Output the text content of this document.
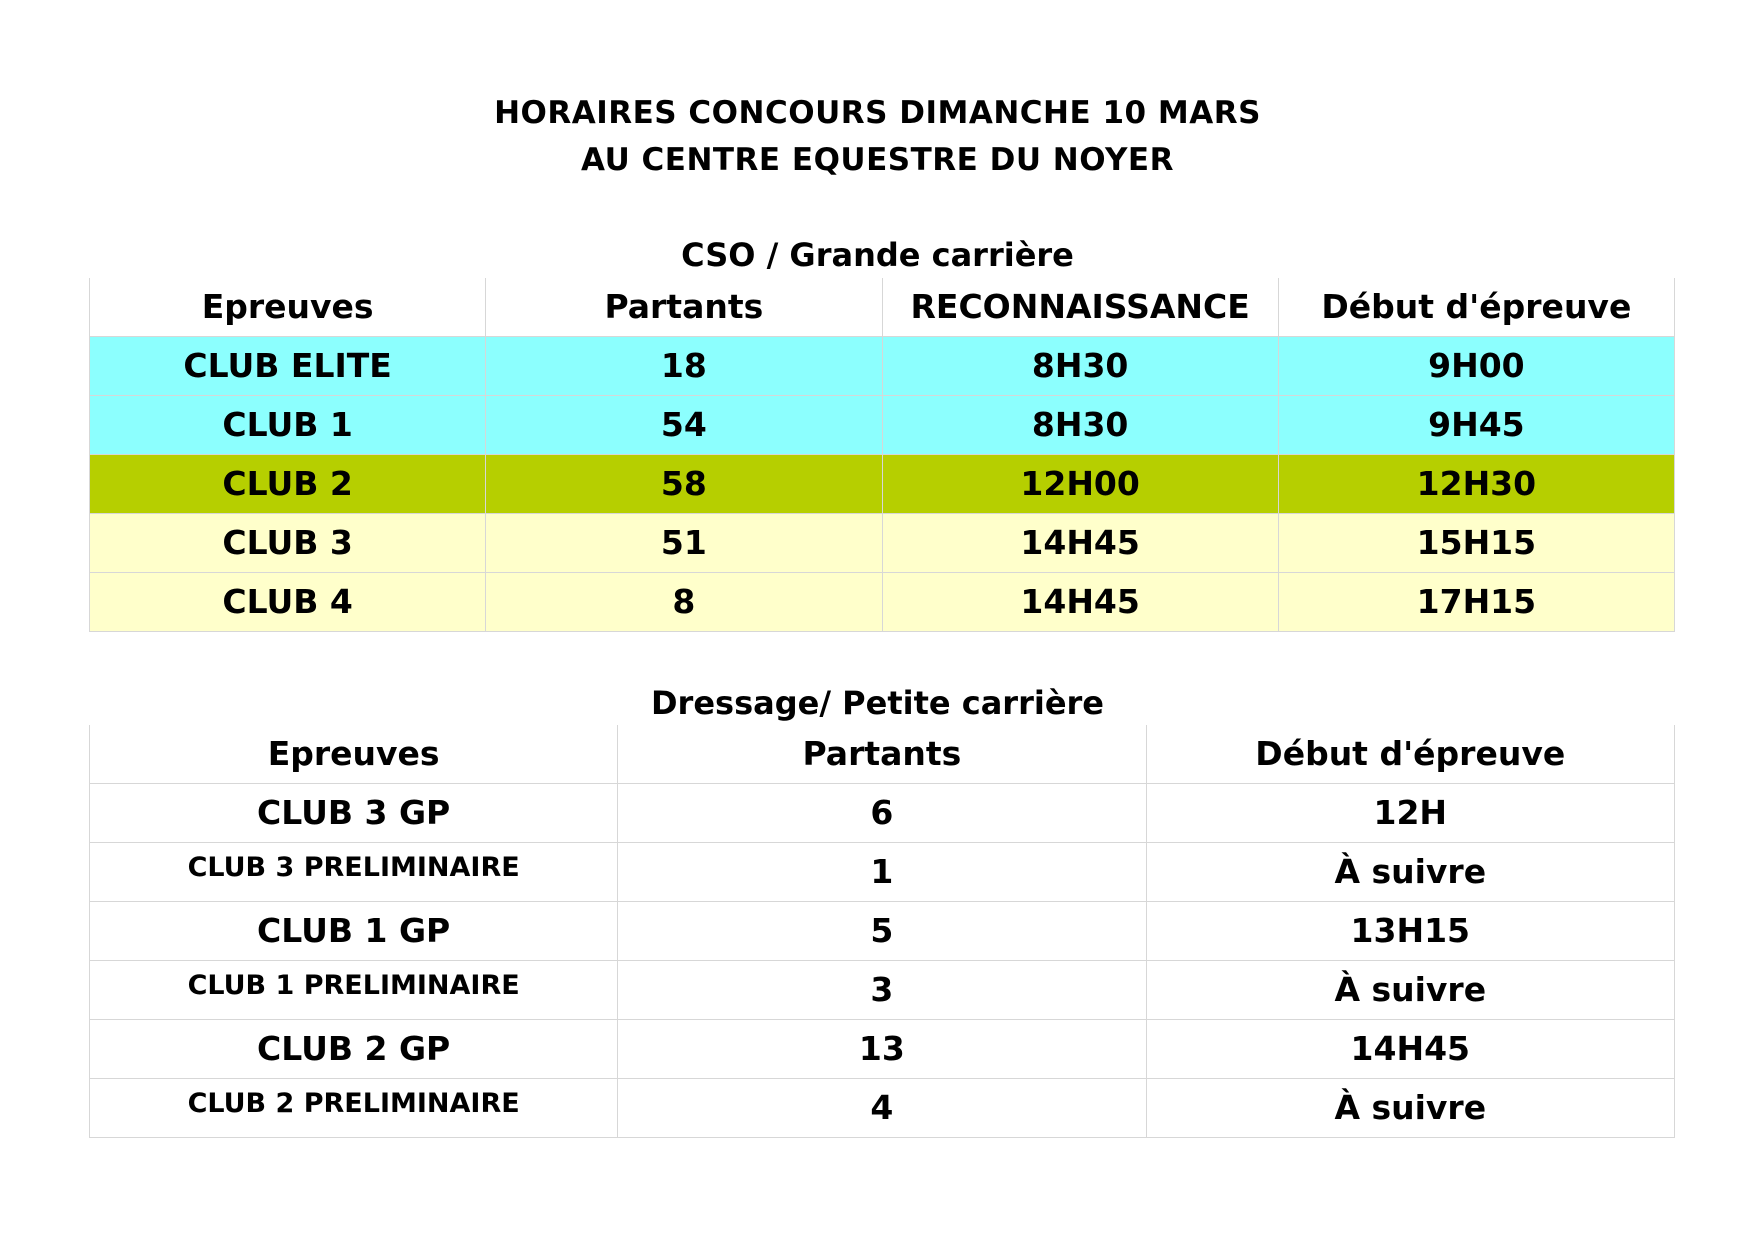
HORAIRES CONCOURS DIMANCHE 10 MARS
AU CENTRE EQUESTRE DU NOYER
CSO / Grande carrière
Epreuves	Partants	RECONNAISSANCE	Début d'épreuve
CLUB ELITE	18	8H30	9H00
CLUB 1	54	8H30	9H45
CLUB 2	58	12H00	12H30
CLUB 3	51	14H45	15H15
CLUB 4	8	14H45	17H15
Dressage/ Petite carrière
Epreuves	Partants	Début d'épreuve
CLUB 3 GP	6	12H
CLUB 3 PRELIMINAIRE	1	À suivre
CLUB 1 GP	5	13H15
CLUB 1 PRELIMINAIRE	3	À suivre
CLUB 2 GP	13	14H45
CLUB 2 PRELIMINAIRE	4	À suivre
